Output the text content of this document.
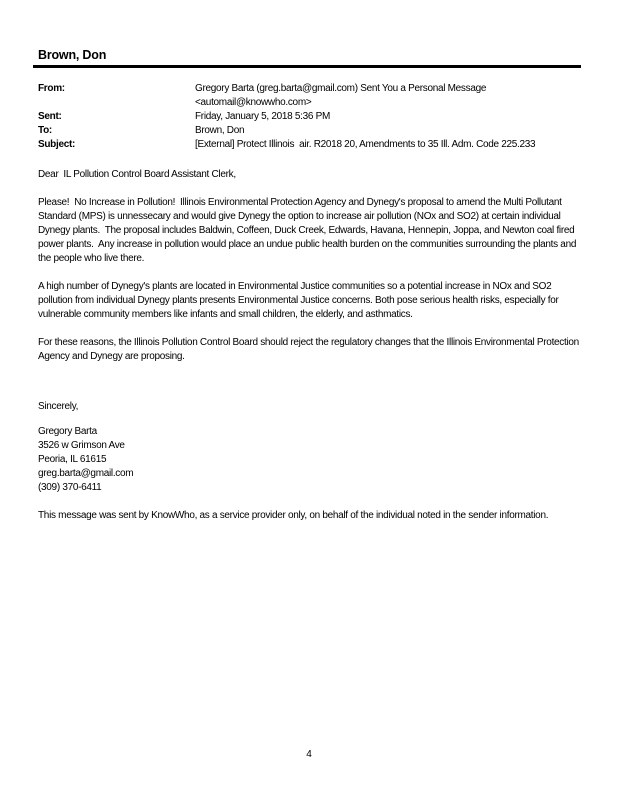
Brown, Don
From:	Gregory Barta (greg.barta@gmail.com) Sent You a Personal Message
<automail@knowwho.com>
Sent:	Friday, January 5, 2018 5:36 PM
To:	Brown, Don
Subject:	[External] Protect Illinois  air. R2018 20, Amendments to 35 Ill. Adm. Code 225.233
Dear  IL Pollution Control Board Assistant Clerk,

Please!  No Increase in Pollution!  Illinois Environmental Protection Agency and Dynegy's proposal to amend the Multi Pollutant Standard (MPS) is unnessecary and would give Dynegy the option to increase air pollution (NOx and SO2) at certain individual Dynegy plants.  The proposal includes Baldwin, Coffeen, Duck Creek, Edwards, Havana, Hennepin, Joppa, and Newton coal fired power plants.  Any increase in pollution would place an undue public health burden on the communities surrounding the plants and the people who live there.

A high number of Dynegy's plants are located in Environmental Justice communities so a potential increase in NOx and SO2 pollution from individual Dynegy plants presents Environmental Justice concerns. Both pose serious health risks, especially for vulnerable community members like infants and small children, the elderly, and asthmatics.

For these reasons, the Illinois Pollution Control Board should reject the regulatory changes that the Illinois Environmental Protection Agency and Dynegy are proposing.

Sincerely,
Gregory Barta
3526 w Grimson Ave
Peoria, IL 61615
greg.barta@gmail.com
(309) 370-6411
This message was sent by KnowWho, as a service provider only, on behalf of the individual noted in the sender information.
4
